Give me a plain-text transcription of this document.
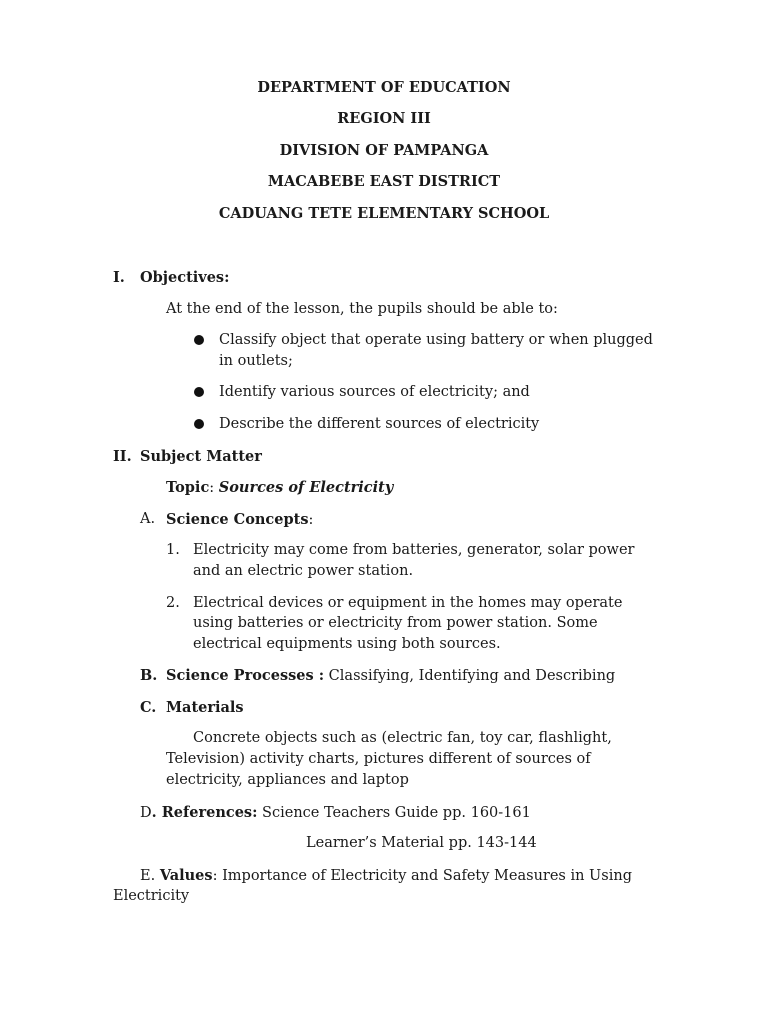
DEPARTMENT OF EDUCATION
REGION III
DIVISION OF PAMPANGA
MACABEBE EAST DISTRICT
CADUANG TETE ELEMENTARY SCHOOL
I. Objectives:
At the end of the lesson, the pupils should be able to:
Classify object that operate using battery or when plugged
in outlets;
Identify various sources of electricity; and
Describe the different sources of electricity
II. Subject Matter
Topic: Sources of Electricity
A. Science Concepts:
1. Electricity may come from batteries, generator, solar power
and an electric power station.
2. Electrical devices or equipment in the homes may operate
using batteries or electricity from power station. Some
electrical equipments using both sources.
B. Science Processes : Classifying, Identifying and Describing
C. Materials
Concrete objects such as (electric fan, toy car, flashlight,
Television) activity charts, pictures different of sources of
electricity, appliances and laptop
D. References: Science Teachers Guide pp. 160-161
Learner’s Material pp. 143-144
E. Values: Importance of Electricity and Safety Measures in Using
Electricity
